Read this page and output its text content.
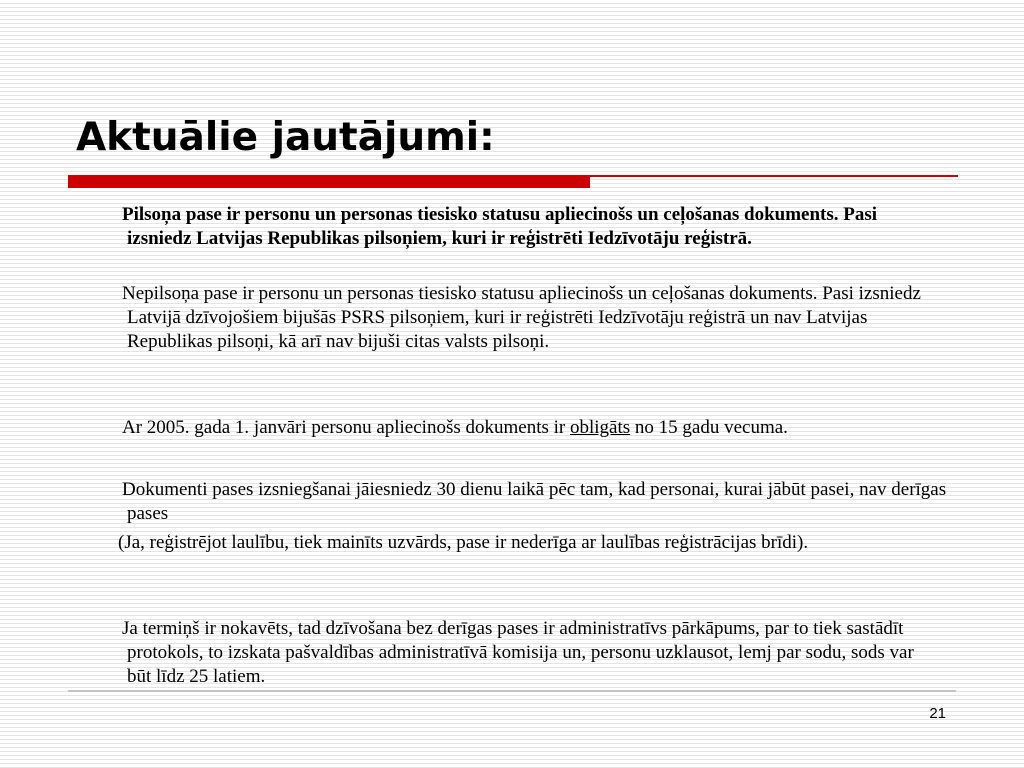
Aktuālie jautājumi:

Pilsoņa pase ir personu un personas tiesisko statusu apliecinošs un ceļošanas dokuments. Pasi izsniedz Latvijas Republikas pilsoņiem, kuri ir reģistrēti Iedzīvotāju reģistrā.

Nepilsoņa pase ir personu un personas tiesisko statusu apliecinošs un ceļošanas dokuments. Pasi izsniedz Latvijā dzīvojošiem bijušās PSRS pilsoņiem, kuri ir reģistrēti Iedzīvotāju reģistrā un nav Latvijas Republikas pilsoņi, kā arī nav bijuši citas valsts pilsoņi.

Ar 2005. gada 1. janvāri personu apliecinošs dokuments ir obligāts no 15 gadu vecuma.

Dokumenti pases izsniegšanai jāiesniedz 30 dienu laikā pēc tam, kad personai, kurai jābūt pasei, nav derīgas pases

(Ja, reģistrējot laulību, tiek mainīts uzvārds, pase ir nederīga ar laulības reģistrācijas brīdi).

Ja termiņš ir nokavēts, tad dzīvošana bez derīgas pases ir administratīvs pārkāpums, par to tiek sastādīt protokols, to izskata pašvaldības administratīvā komisija un, personu uzklausot, lemj par sodu, sods var būt līdz 25 latiem.

21
